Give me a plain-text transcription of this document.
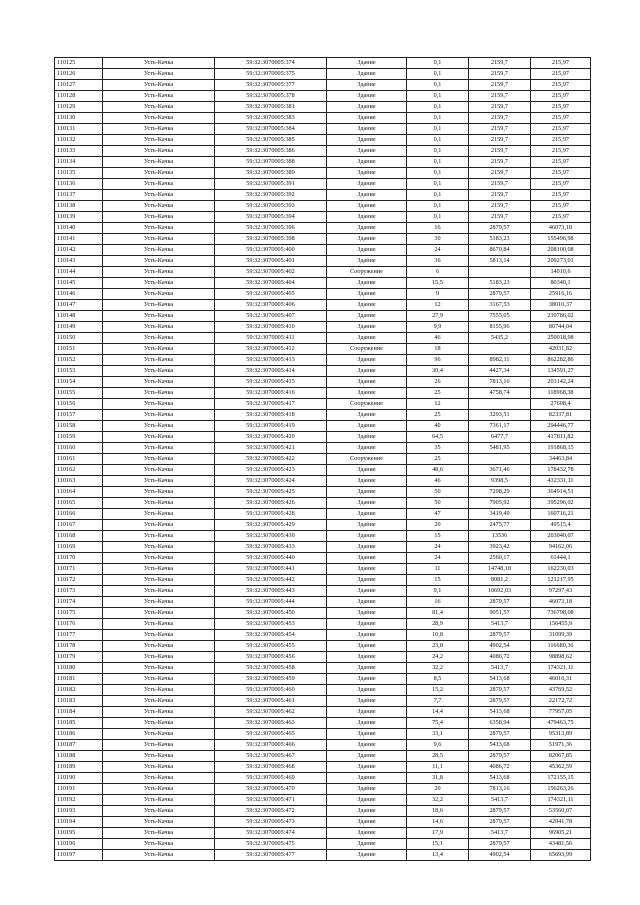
110125	Усть-Качка	59:32:3070005:374	Здание	0,1	2159,7	215,97
110126	Усть-Качка	59:32:3070005:375	Здание	0,1	2159,7	215,97
110127	Усть-Качка	59:32:3070005:377	Здание	0,1	2159,7	215,97
110128	Усть-Качка	59:32:3070005:378	Здание	0,1	2159,7	215,97
110129	Усть-Качка	59:32:3070005:381	Здание	0,1	2159,7	215,97
110130	Усть-Качка	59:32:3070005:383	Здание	0,1	2159,7	215,97
110131	Усть-Качка	59:32:3070005:384	Здание	0,1	2159,7	215,97
110132	Усть-Качка	59:32:3070005:385	Здание	0,1	2159,7	215,97
110133	Усть-Качка	59:32:3070005:386	Здание	0,1	2159,7	215,97
110134	Усть-Качка	59:32:3070005:388	Здание	0,1	2159,7	215,97
110135	Усть-Качка	59:32:3070005:389	Здание	0,1	2159,7	215,97
110136	Усть-Качка	59:32:3070005:391	Здание	0,1	2159,7	215,97
110137	Усть-Качка	59:32:3070005:392	Здание	0,1	2159,7	215,97
110138	Усть-Качка	59:32:3070005:393	Здание	0,1	2159,7	215,97
110139	Усть-Качка	59:32:3070005:394	Здание	0,1	2159,7	215,97
110140	Усть-Качка	59:32:3070005:396	Здание	16	2879,57	46073,18
110141	Усть-Качка	59:32:3070005:398	Здание	30	5183,23	155496,98
110142	Усть-Качка	59:32:3070005:400	Здание	24	8670,84	208100,08
110143	Усть-Качка	59:32:3070005:401	Здание	36	5813,14	209273,01
110144	Усть-Качка	59:32:3070005:402	Сооружение	6		14010,6
110145	Усть-Качка	59:32:3070005:404	Здание	15,5	5183,23	80340,1
110146	Усть-Качка	59:32:3070005:405	Здание	9	2879,57	25916,16
110147	Усть-Качка	59:32:3070005:406	Здание	12	3167,53	38010,37
110148	Усть-Качка	59:32:3070005:407	Здание	27,9	7555,05	210786,02
110149	Усть-Качка	59:32:3070005:410	Здание	9,9	8155,96	80744,04
110150	Усть-Качка	59:32:3070005:411	Здание	46	5435,2	250018,98
110151	Усть-Качка	59:32:3070005:412	Сооружение	18		42031,82
110152	Усть-Качка	59:32:3070005:413	Здание	96	8982,11	862282,86
110153	Усть-Качка	59:32:3070005:414	Здание	30,4	4427,34	134591,27
110154	Усть-Качка	59:32:3070005:415	Здание	26	7813,16	203142,24
110155	Усть-Качка	59:32:3070005:416	Здание	25	4758,74	118968,38
110156	Усть-Качка	59:32:3070005:417	Сооружение	12		27608,4
110157	Усть-Качка	59:32:3070005:418	Здание	25	3293,51	82337,81
110158	Усть-Качка	59:32:3070005:419	Здание	40	7361,17	294446,77
110159	Усть-Качка	59:32:3070005:420	Здание	64,5	6477,7	417811,82
110160	Усть-Качка	59:32:3070005:421	Здание	35	5481,95	191868,15
110161	Усть-Качка	59:32:3070005:422	Сооружение	25		34463,84
110162	Усть-Качка	59:32:3070005:423	Здание	48,6	3671,46	178432,78
110163	Усть-Качка	59:32:3070005:424	Здание	46	9398,5	432331,11
110164	Усть-Качка	59:32:3070005:425	Здание	50	7298,29	364914,51
110165	Усть-Качка	59:32:3070005:426	Здание	50	7905,92	395296,02
110166	Усть-Качка	59:32:3070005:428	Здание	47	3419,49	160716,21
110167	Усть-Качка	59:32:3070005:429	Здание	20	2475,77	49515,4
110168	Усть-Качка	59:32:3070005:430	Здание	15	13536	203040,07
110169	Усть-Качка	59:32:3070005:433	Здание	24	3923,42	94162,06
110170	Усть-Качка	59:32:3070005:440	Здание	24	2560,17	61444,1
110171	Усть-Качка	59:32:3070005:441	Здание	11	14748,18	162230,03
110172	Усть-Качка	59:32:3070005:442	Здание	15	8081,2	121217,95
110173	Усть-Качка	59:32:3070005:443	Здание	9,1	10692,03	97297,43
110174	Усть-Качка	59:32:3070005:444	Здание	16	2879,57	46073,18
110175	Усть-Качка	59:32:3070005:450	Здание	81,4	9051,57	736798,08
110176	Усть-Качка	59:32:3070005:453	Здание	28,9	5413,7	156455,9
110177	Усть-Качка	59:32:3070005:454	Здание	10,8	2879,57	31099,39
110178	Усть-Качка	59:32:3070005:455	Здание	23,8	4902,54	116680,36
110179	Усть-Качка	59:32:3070005:456	Здание	24,2	4086,72	98898,62
110180	Усть-Качка	59:32:3070005:458	Здание	32,2	5413,7	174321,11
110181	Усть-Качка	59:32:3070005:459	Здание	8,5	5413,68	46016,31
110182	Усть-Качка	59:32:3070005:460	Здание	15,2	2879,57	43769,52
110183	Усть-Качка	59:32:3070005:461	Здание	7,7	2879,57	22172,72
110184	Усть-Качка	59:32:3070005:462	Здание	14,4	5413,68	77957,05
110185	Усть-Качка	59:32:3070005:463	Здание	75,4	6358,94	479463,75
110186	Усть-Качка	59:32:3070005:465	Здание	33,1	2879,57	95313,89
110187	Усть-Качка	59:32:3070005:466	Здание	9,6	5413,68	51971,36
110188	Усть-Качка	59:32:3070005:467	Здание	28,5	2879,57	82067,85
110189	Усть-Качка	59:32:3070005:468	Здание	11,1	4086,72	45362,59
110190	Усть-Качка	59:32:3070005:469	Здание	31,8	5413,68	172155,15
110191	Усть-Качка	59:32:3070005:470	Здание	20	7813,16	156263,26
110192	Усть-Качка	59:32:3070005:471	Здание	32,2	5413,7	174321,11
110193	Усть-Качка	59:32:3070005:472	Здание	18,6	2879,57	53560,07
110194	Усть-Качка	59:32:3070005:473	Здание	14,6	2879,57	42041,78
110195	Усть-Качка	59:32:3070005:474	Здание	17,9	5413,7	96905,21
110196	Усть-Качка	59:32:3070005:475	Здание	15,1	2879,57	43481,56
110197	Усть-Качка	59:32:3070005:477	Здание	13,4	4902,54	65693,99
